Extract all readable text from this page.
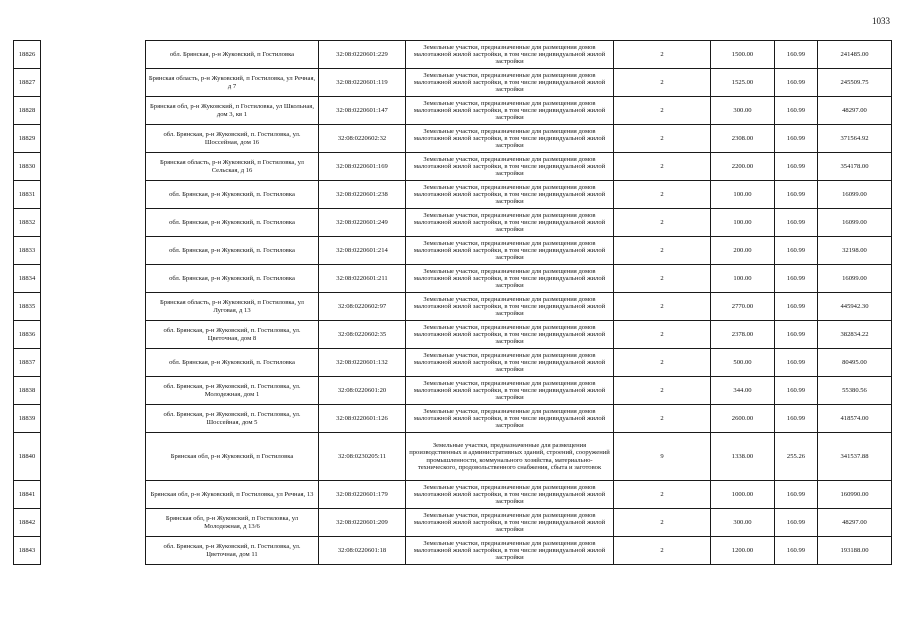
1033
18826		обл. Брянская, р-н Жуковский, п Гостиловка	32:08:0220601:229	Земельные участки, предназначенные для размещения домов малоэтажной жилой застройки, в том числе индивидуальной жилой застройки	2	1500.00	160.99	241485.00
18827		Брянская область, р-н Жуковский, п Гостиловка, ул Речная, д 7	32:08:0220601:119	Земельные участки, предназначенные для размещения домов малоэтажной жилой застройки, в том числе индивидуальной жилой застройки	2	1525.00	160.99	245509.75
18828		Брянская обл, р-н Жуковский, п Гостиловка, ул Школьная, дом 3, кв 1	32:08:0220601:147	Земельные участки, предназначенные для размещения домов малоэтажной жилой застройки, в том числе индивидуальной жилой застройки	2	300.00	160.99	48297.00
18829		обл. Брянская, р-н Жуковский, п. Гостиловка, ул. Шоссейная, дом 16	32:08:0220602:32	Земельные участки, предназначенные для размещения домов малоэтажной жилой застройки, в том числе индивидуальной жилой застройки	2	2308.00	160.99	371564.92
18830		Брянская область, р-н Жуковский, п Гостиловка, ул Сельская, д 16	32:08:0220601:169	Земельные участки, предназначенные для размещения домов малоэтажной жилой застройки, в том числе индивидуальной жилой застройки	2	2200.00	160.99	354178.00
18831		обл. Брянская, р-н Жуковский, п. Гостиловка	32:08:0220601:238	Земельные участки, предназначенные для размещения домов малоэтажной жилой застройки, в том числе индивидуальной жилой застройки	2	100.00	160.99	16099.00
18832		обл. Брянская, р-н Жуковский, п. Гостиловка	32:08:0220601:249	Земельные участки, предназначенные для размещения домов малоэтажной жилой застройки, в том числе индивидуальной жилой застройки	2	100.00	160.99	16099.00
18833		обл. Брянская, р-н Жуковский, п. Гостиловка	32:08:0220601:214	Земельные участки, предназначенные для размещения домов малоэтажной жилой застройки, в том числе индивидуальной жилой застройки	2	200.00	160.99	32198.00
18834		обл. Брянская, р-н Жуковский, п. Гостиловка	32:08:0220601:211	Земельные участки, предназначенные для размещения домов малоэтажной жилой застройки, в том числе индивидуальной жилой застройки	2	100.00	160.99	16099.00
18835		Брянская область, р-н Жуковский, п Гостиловка, ул Луговая, д 13	32:08:0220602:97	Земельные участки, предназначенные для размещения домов малоэтажной жилой застройки, в том числе индивидуальной жилой застройки	2	2770.00	160.99	445942.30
18836		обл. Брянская, р-н Жуковский, п. Гостиловка, ул. Цветочная, дом 8	32:08:0220602:35	Земельные участки, предназначенные для размещения домов малоэтажной жилой застройки, в том числе индивидуальной жилой застройки	2	2378.00	160.99	382834.22
18837		обл. Брянская, р-н Жуковский, п. Гостиловка	32:08:0220601:132	Земельные участки, предназначенные для размещения домов малоэтажной жилой застройки, в том числе индивидуальной жилой застройки	2	500.00	160.99	80495.00
18838		обл. Брянская, р-н Жуковский, п. Гостиловка, ул. Молодежная, дом 1	32:08:0220601:20	Земельные участки, предназначенные для размещения домов малоэтажной жилой застройки, в том числе индивидуальной жилой застройки	2	344.00	160.99	55380.56
18839		обл. Брянская, р-н Жуковский, п. Гостиловка, ул. Шоссейная, дом 5	32:08:0220601:126	Земельные участки, предназначенные для размещения домов малоэтажной жилой застройки, в том числе индивидуальной жилой застройки	2	2600.00	160.99	418574.00
18840		Брянская обл, р-н Жуковский, п Гостиловка	32:08:0230205:11	Земельные участки, предназначенные для размещения производственных и административных зданий, строений, сооружений промышленности, коммунального хозяйства, материально-технического, продовольственного снабжения, сбыта и заготовок	9	1338.00	255.26	341537.88
18841		Брянская обл, р-н Жуковский, п Гостиловка, ул Речная, 13	32:08:0220601:179	Земельные участки, предназначенные для размещения домов малоэтажной жилой застройки, в том числе индивидуальной жилой застройки	2	1000.00	160.99	160990.00
18842		Брянская обл, р-н Жуковский, п Гостиловка, ул Молодежная, д 13/6	32:08:0220601:209	Земельные участки, предназначенные для размещения домов малоэтажной жилой застройки, в том числе индивидуальной жилой застройки	2	300.00	160.99	48297.00
18843		обл. Брянская, р-н Жуковский, п. Гостиловка, ул. Цветочная, дом 11	32:08:0220601:18	Земельные участки, предназначенные для размещения домов малоэтажной жилой застройки, в том числе индивидуальной жилой застройки	2	1200.00	160.99	193188.00
